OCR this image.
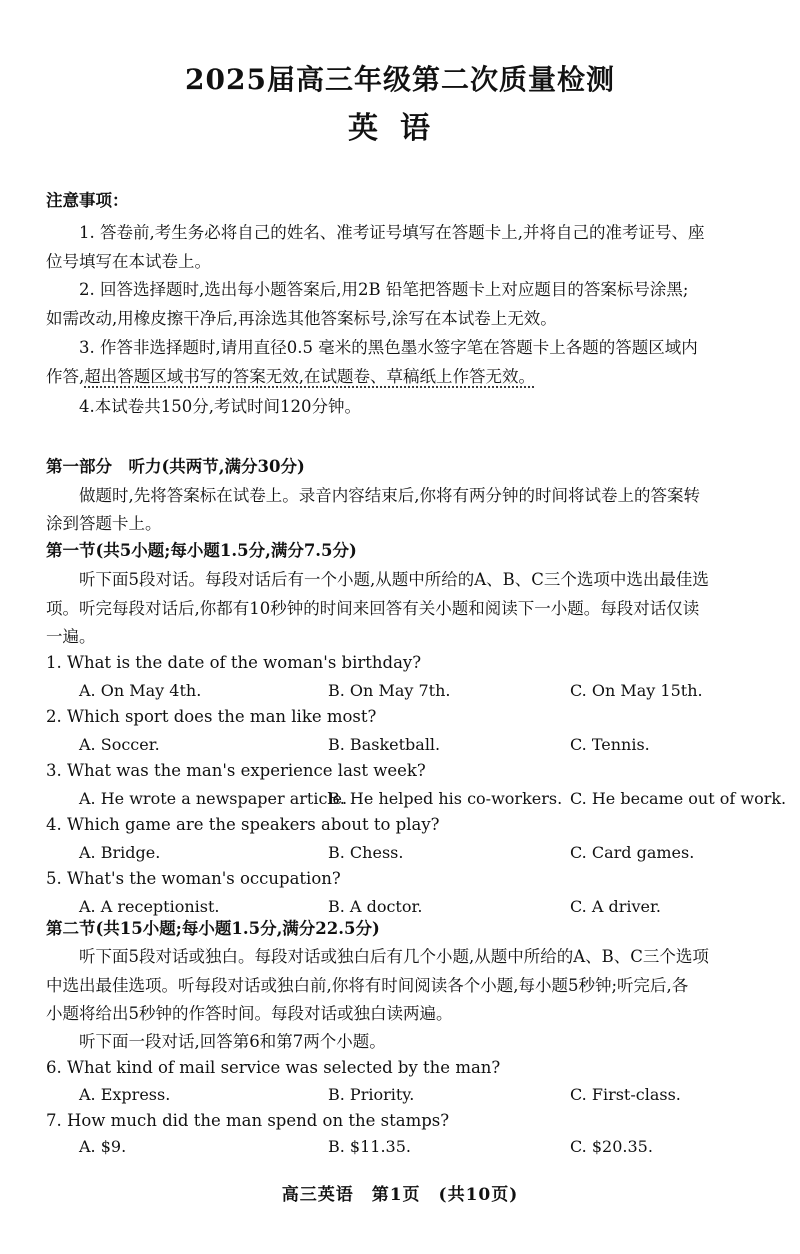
2025届高三年级第二次质量检测
英语
注意事项：
1. 答卷前,考生务必将自己的姓名、准考证号填写在答题卡上,并将自己的准考证号、座
位号填写在本试卷上。
2. 回答选择题时,选出每小题答案后,用2B 铅笔把答题卡上对应题目的答案标号涂黑;
如需改动,用橡皮擦干净后,再涂选其他答案标号,涂写在本试卷上无效。
3. 作答非选择题时,请用直径0.5 毫米的黑色墨水签字笔在答题卡上各题的答题区域内
作答,超出答题区域书写的答案无效,在试题卷、草稿纸上作答无效。
4.本试卷共150分,考试时间120分钟。
第一部分　听力(共两节,满分30分)
做题时,先将答案标在试卷上。录音内容结束后,你将有两分钟的时间将试卷上的答案转
涂到答题卡上。
第一节(共5小题;每小题1.5分,满分7.5分)
听下面5段对话。每段对话后有一个小题,从题中所给的A、B、C三个选项中选出最佳选
项。听完每段对话后,你都有10秒钟的时间来回答有关小题和阅读下一小题。每段对话仅读
一遍。
1. What is the date of the woman's birthday?
A. On May 4th.	B. On May 7th.	C. On May 15th.
2. Which sport does the man like most?
A. Soccer.	B. Basketball.	C. Tennis.
3. What was the man's experience last week?
A. He wrote a newspaper article.
B. He helped his co-workers. C. He became out of work.
4. Which game are the speakers about to play?
A. Bridge.	B. Chess.	C. Card games.
5. What's the woman's occupation?
A. A receptionist.	B. A doctor.	C. A driver.
第二节(共15小题;每小题1.5分,满分22.5分)
听下面5段对话或独白。每段对话或独白后有几个小题,从题中所给的A、B、C三个选项
中选出最佳选项。听每段对话或独白前,你将有时间阅读各个小题,每小题5秒钟;听完后,各
小题将给出5秒钟的作答时间。每段对话或独白读两遍。
听下面一段对话,回答第6和第7两个小题。
6. What kind of mail service was selected by the man?
A. Express.	B. Priority.	C. First-class.
7. How much did the man spend on the stamps?
A. $9.	B. $11.35.	C. $20.35.
高三英语　第1页　(共10页)
